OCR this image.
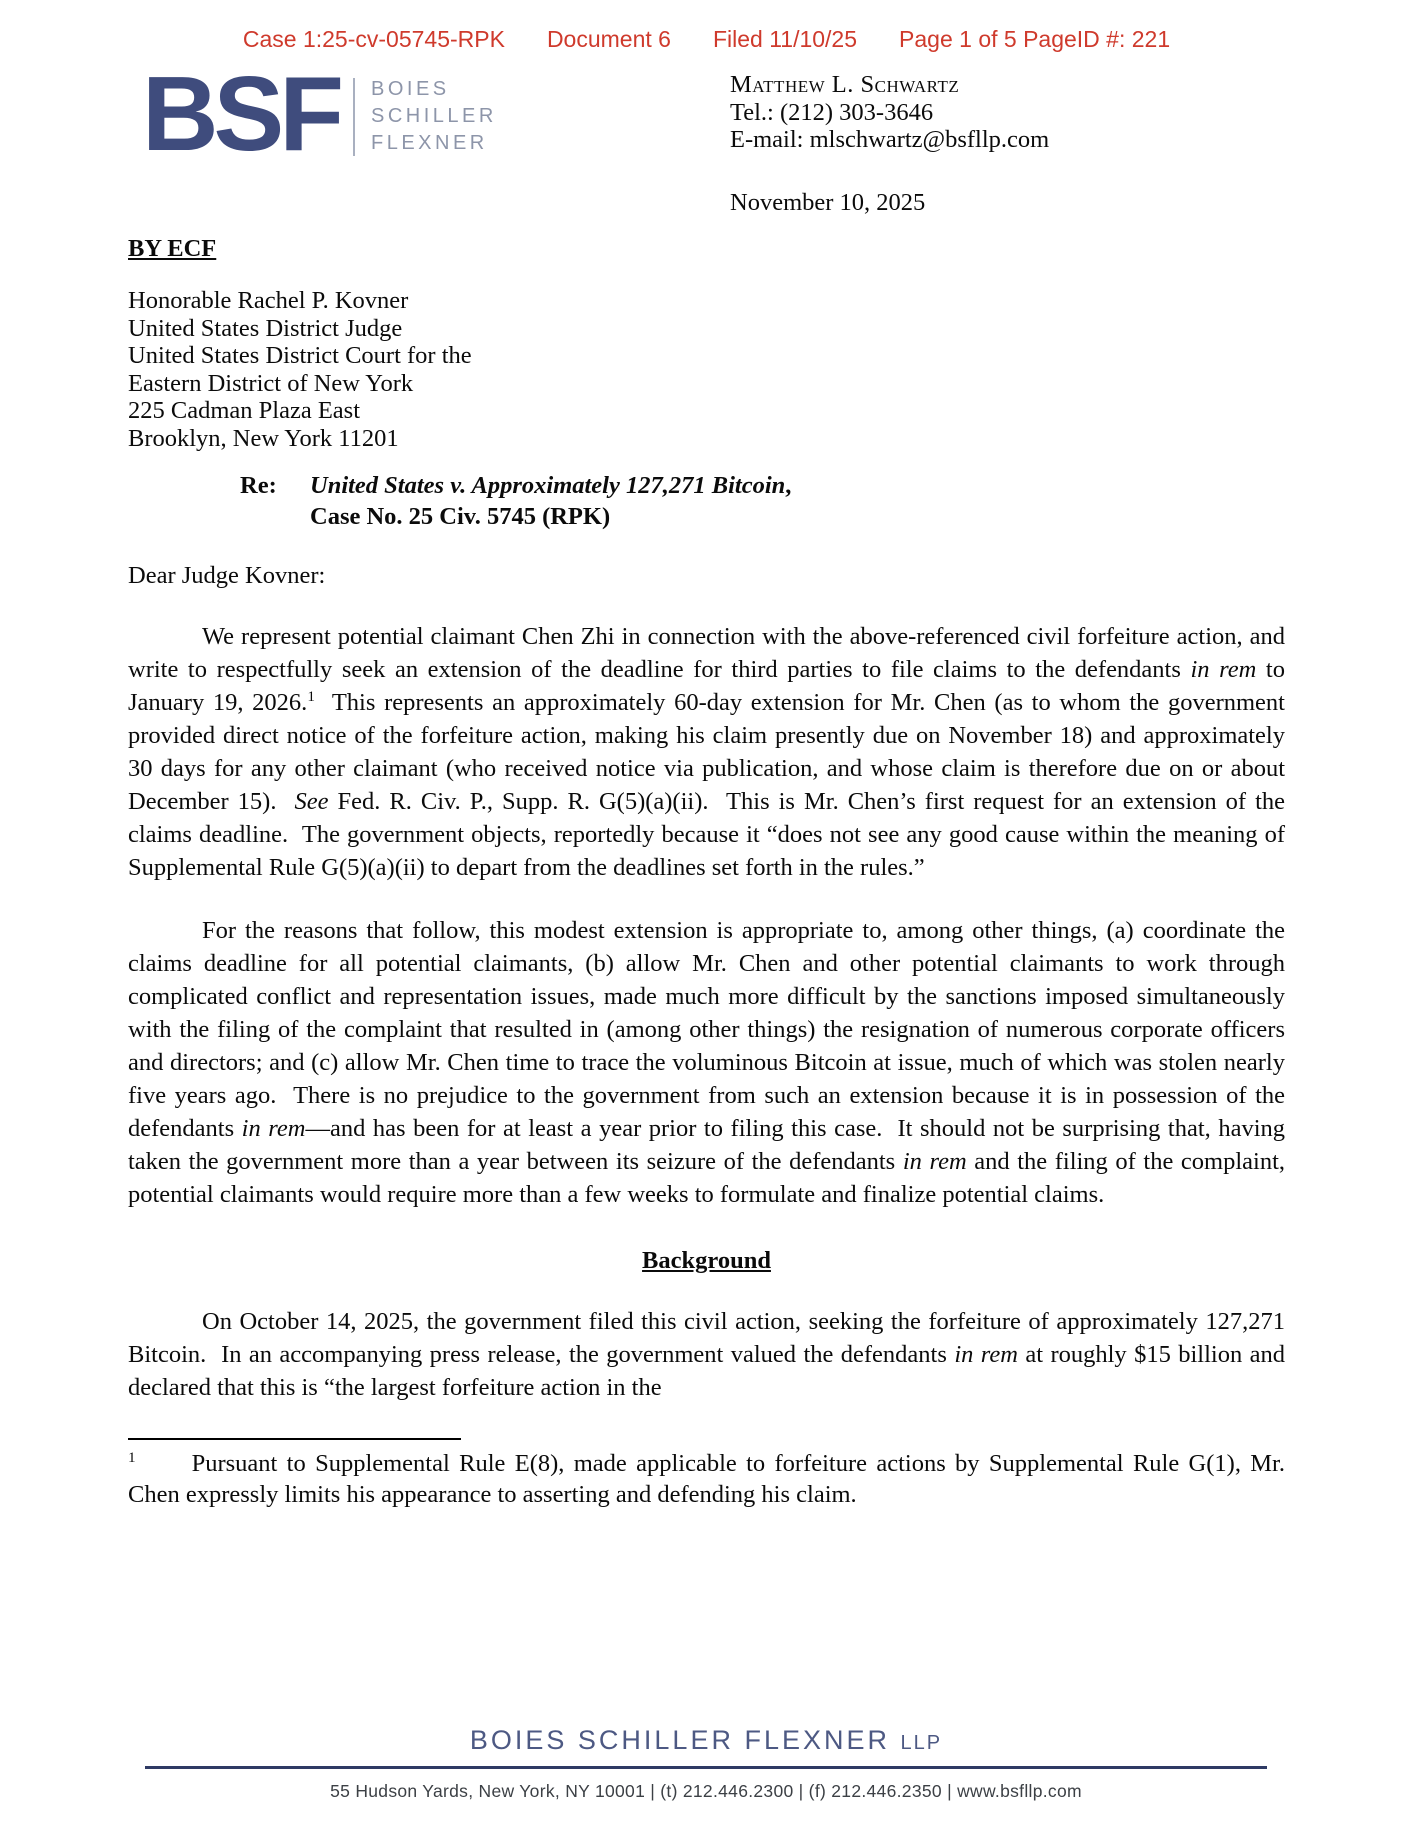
Case 1:25-cv-05745-RPK Document 6 Filed 11/10/25 Page 1 of 5 PageID #: 221
BSF BOIES
SCHILLER
FLEXNER
Matthew L. Schwartz
Tel.: (212) 303-3646
E-mail: mlschwartz@bsfllp.com
November 10, 2025
BY ECF
Honorable Rachel P. Kovner
United States District Judge
United States District Court for the
Eastern District of New York
225 Cadman Plaza East
Brooklyn, New York 11201
Re:	United States v. Approximately 127,271 Bitcoin,
Case No. 25 Civ. 5745 (RPK)
Dear Judge Kovner:

We represent potential claimant Chen Zhi in connection with the above-referenced civil forfeiture action, and write to respectfully seek an extension of the deadline for third parties to file claims to the defendants in rem to January 19, 2026.$^1$  This represents an approximately 60-day extension for Mr. Chen (as to whom the government provided direct notice of the forfeiture action, making his claim presently due on November 18) and approximately 30 days for any other claimant (who received notice via publication, and whose claim is therefore due on or about December 15).  See Fed. R. Civ. P., Supp. R. G(5)(a)(ii).  This is Mr. Chen’s first request for an extension of the claims deadline.  The government objects, reportedly because it “does not see any good cause within the meaning of Supplemental Rule G(5)(a)(ii) to depart from the deadlines set forth in the rules.”

For the reasons that follow, this modest extension is appropriate to, among other things, (a) coordinate the claims deadline for all potential claimants, (b) allow Mr. Chen and other potential claimants to work through complicated conflict and representation issues, made much more difficult by the sanctions imposed simultaneously with the filing of the complaint that resulted in (among other things) the resignation of numerous corporate officers and directors; and (c) allow Mr. Chen time to trace the voluminous Bitcoin at issue, much of which was stolen nearly five years ago.  There is no prejudice to the government from such an extension because it is in possession of the defendants in rem—and has been for at least a year prior to filing this case.  It should not be surprising that, having taken the government more than a year between its seizure of the defendants in rem and the filing of the complaint, potential claimants would require more than a few weeks to formulate and finalize potential claims.

Background

On October 14, 2025, the government filed this civil action, seeking the forfeiture of approximately 127,271 Bitcoin.  In an accompanying press release, the government valued the defendants in rem at roughly $15 billion and declared that this is “the largest forfeiture action in the

$^1$ Pursuant to Supplemental Rule E(8), made applicable to forfeiture actions by Supplemental Rule G(1), Mr. Chen expressly limits his appearance to asserting and defending his claim.

BOIES SCHILLER FLEXNER LLP
55 Hudson Yards, New York, NY 10001 | (t) 212.446.2300 | (f) 212.446.2350 | www.bsfllp.com
